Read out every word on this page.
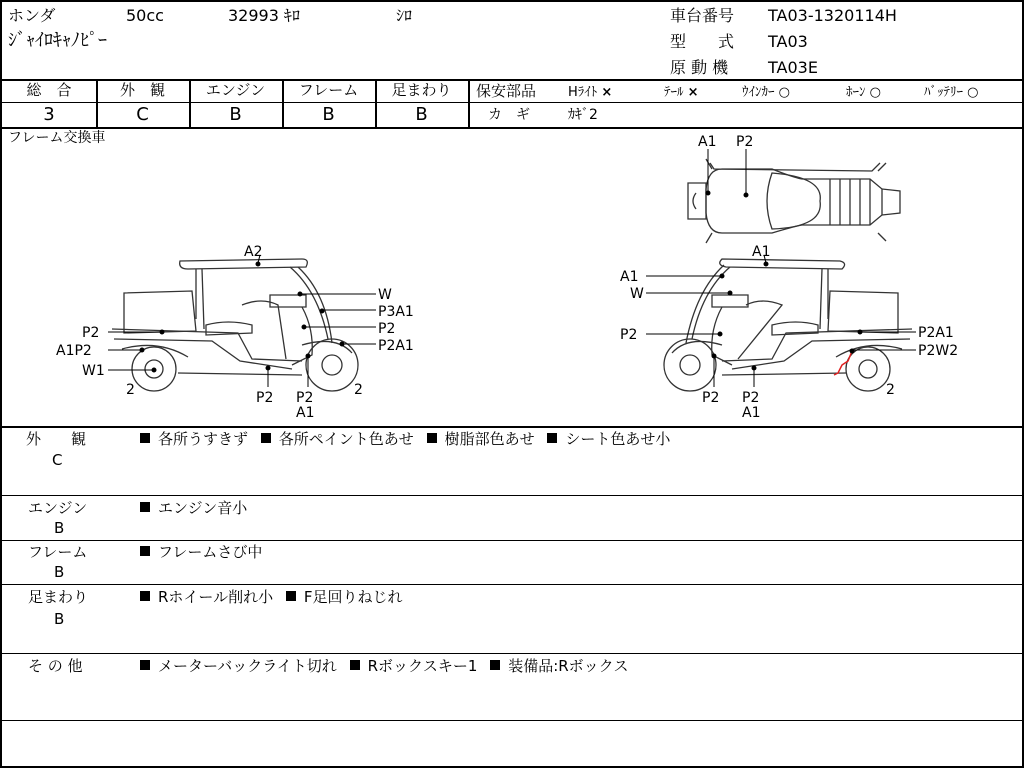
ホンダ	50cc	32993 ｷﾛ	ｼﾛ
ｼﾞｬｲﾛｷｬﾉﾋﾟｰ
車台番号 TA03-1320114H
型　　式 TA03
原 動 機 TA03E
総　合
3
外　観
C
エンジン
B
フレーム
B
足まわり
B
保安部品 Hﾗｲﾄ ×	ﾃｰﾙ ×	ｳｲﾝｶｰ ○	ﾎｰﾝ ○	ﾊﾞｯﾃﾘｰ ○
カ　ギ	ｶｷﾞ2
フレーム交換車
A2
W
P3A1
P2
P2A1
P2
A1P2
W1
2	2
P2 P2
A1
A1
A1
W
P2	P2A1
P2W2
2
P2 P2
A1
A1 P2
外　　観
C
各所うすきず 各所ペイント色あせ 樹脂部色あせ シート色あせ小
エンジン
B
エンジン音小
フレーム
B
フレームさび中
足まわり
B
Rホイール削れ小 F足回りねじれ
そ の 他	メーターバックライト切れ Rボックスキー1 装備品:Rボックス
